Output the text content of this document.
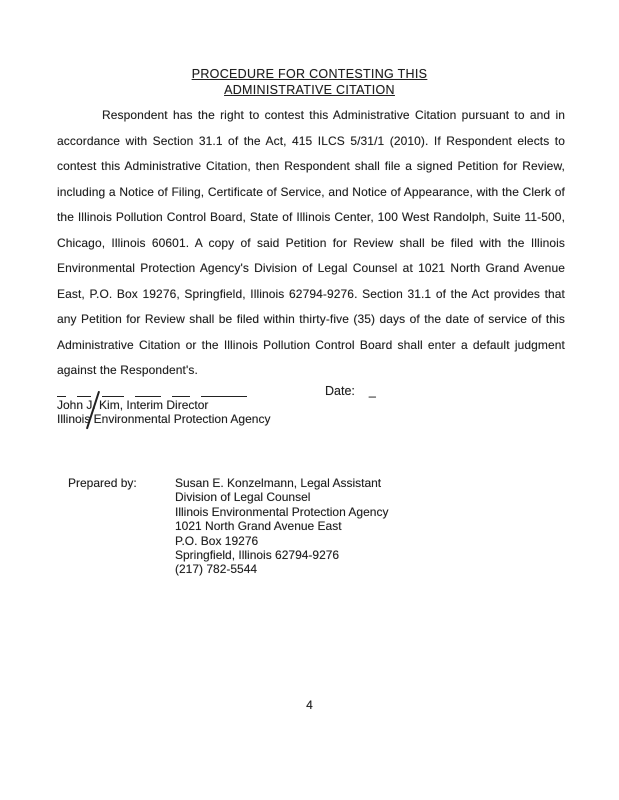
PROCEDURE FOR CONTESTING THIS
ADMINISTRATIVE CITATION
Respondent has the right to contest this Administrative Citation pursuant to and in accordance with Section 31.1 of the Act, 415 ILCS 5/31/1 (2010). If Respondent elects to contest this Administrative Citation, then Respondent shall file a signed Petition for Review, including a Notice of Filing, Certificate of Service, and Notice of Appearance, with the Clerk of the Illinois Pollution Control Board, State of Illinois Center, 100 West Randolph, Suite 11-500, Chicago, Illinois 60601. A copy of said Petition for Review shall be filed with the Illinois Environmental Protection Agency's Division of Legal Counsel at 1021 North Grand Avenue East, P.O. Box 19276, Springfield, Illinois 62794-9276. Section 31.1 of the Act provides that any Petition for Review shall be filed within thirty-five (35) days of the date of service of this Administrative Citation or the Illinois Pollution Control Board shall enter a default judgment against the Respondent's.
John J. Kim, Interim Director
Illinois Environmental Protection Agency
Date: _
Prepared by:	Susan E. Konzelmann, Legal Assistant
Division of Legal Counsel
Illinois Environmental Protection Agency
1021 North Grand Avenue East
P.O. Box 19276
Springfield, Illinois 62794-9276
(217) 782-5544
4
